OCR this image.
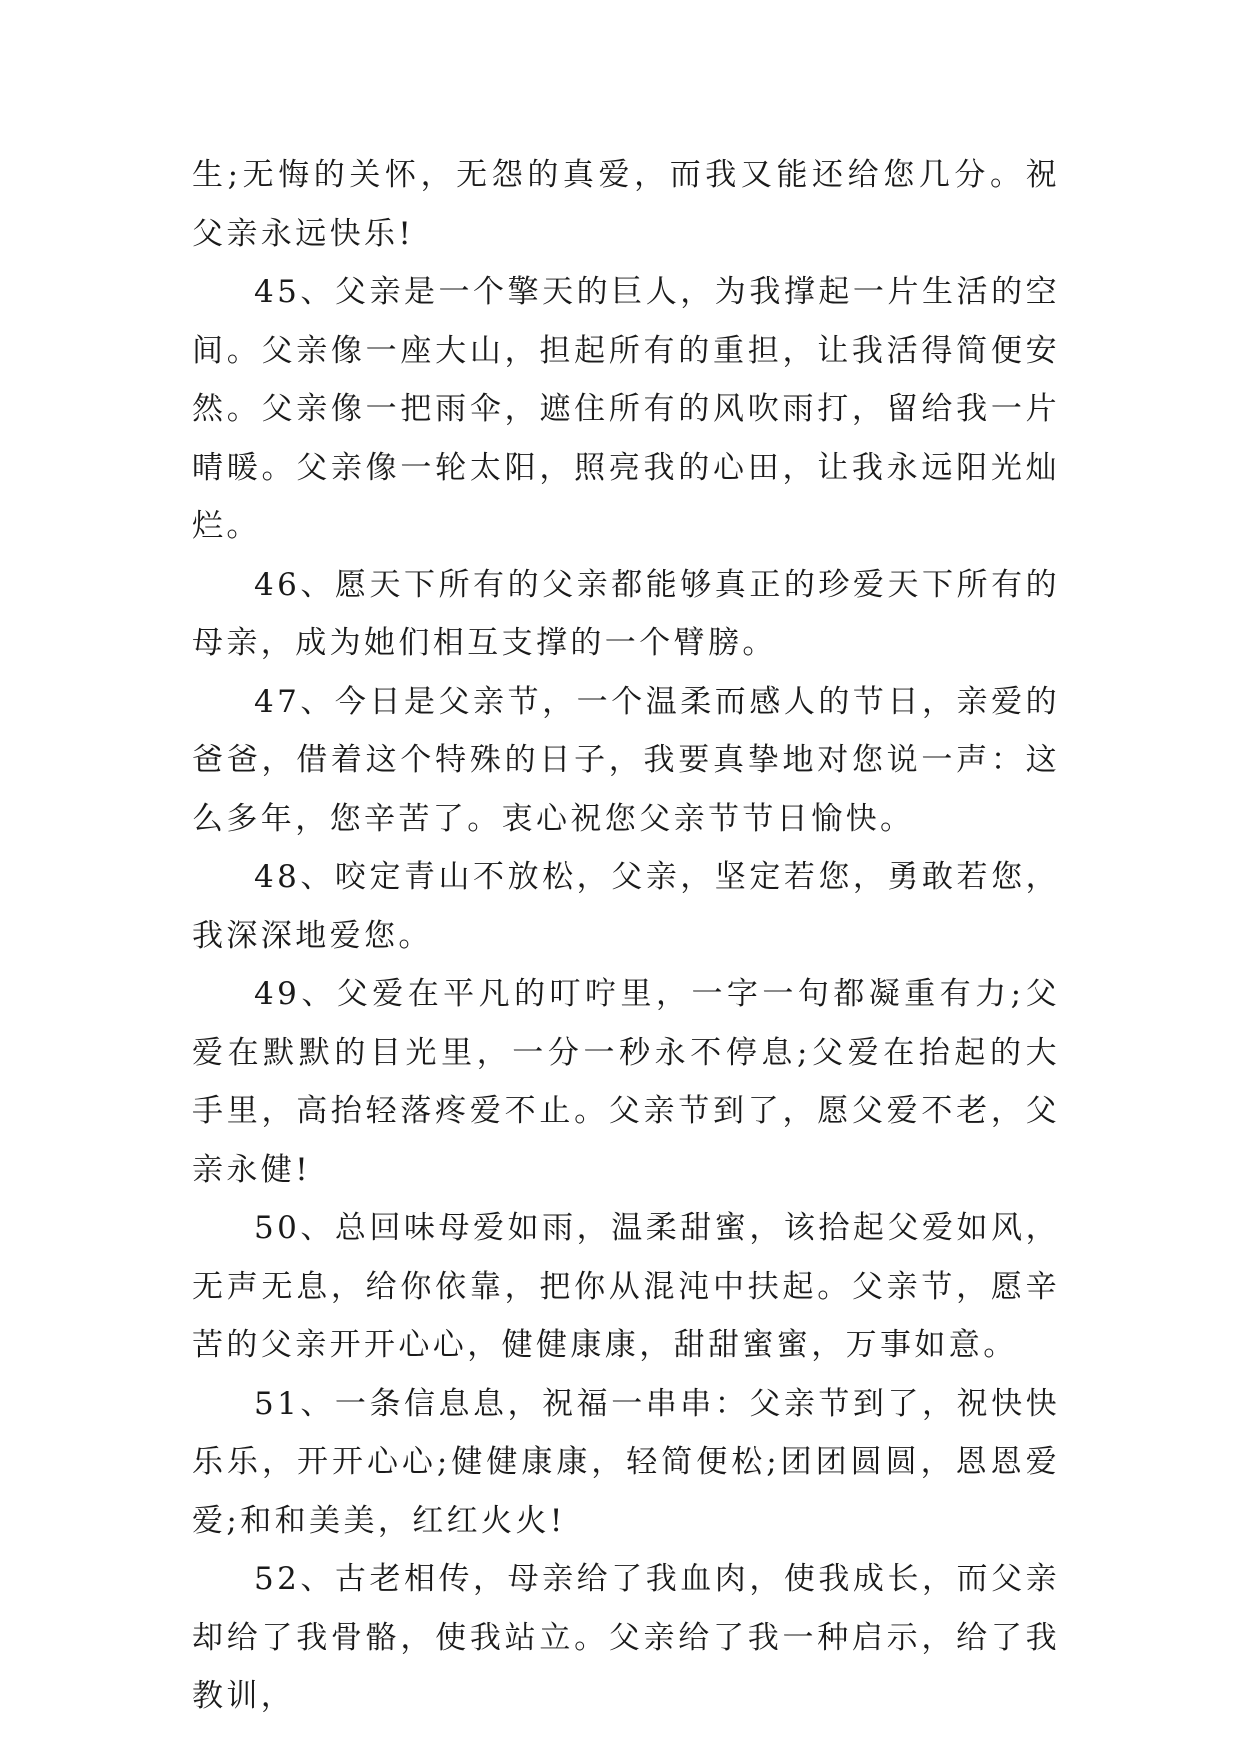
生;无悔的关怀，无怨的真爱，而我又能还给您几分。祝父亲永远快乐!

45、父亲是一个擎天的巨人，为我撑起一片生活的空间。父亲像一座大山，担起所有的重担，让我活得简便安然。父亲像一把雨伞，遮住所有的风吹雨打，留给我一片晴暖。父亲像一轮太阳，照亮我的心田，让我永远阳光灿烂。

46、愿天下所有的父亲都能够真正的珍爱天下所有的母亲，成为她们相互支撑的一个臂膀。

47、今日是父亲节，一个温柔而感人的节日，亲爱的爸爸，借着这个特殊的日子，我要真挚地对您说一声：这么多年，您辛苦了。衷心祝您父亲节节日愉快。

48、咬定青山不放松，父亲，坚定若您，勇敢若您，我深深地爱您。

49、父爱在平凡的叮咛里，一字一句都凝重有力;父爱在默默的目光里，一分一秒永不停息;父爱在抬起的大手里，高抬轻落疼爱不止。父亲节到了，愿父爱不老，父亲永健!

50、总回味母爱如雨，温柔甜蜜，该拾起父爱如风，无声无息，给你依靠，把你从混沌中扶起。父亲节，愿辛苦的父亲开开心心，健健康康，甜甜蜜蜜，万事如意。

51、一条信息息，祝福一串串：父亲节到了，祝快快乐乐，开开心心;健健康康，轻简便松;团团圆圆，恩恩爱爱;和和美美，红红火火!

52、古老相传，母亲给了我血肉，使我成长，而父亲却给了我骨骼，使我站立。父亲给了我一种启示，给了我教训，
